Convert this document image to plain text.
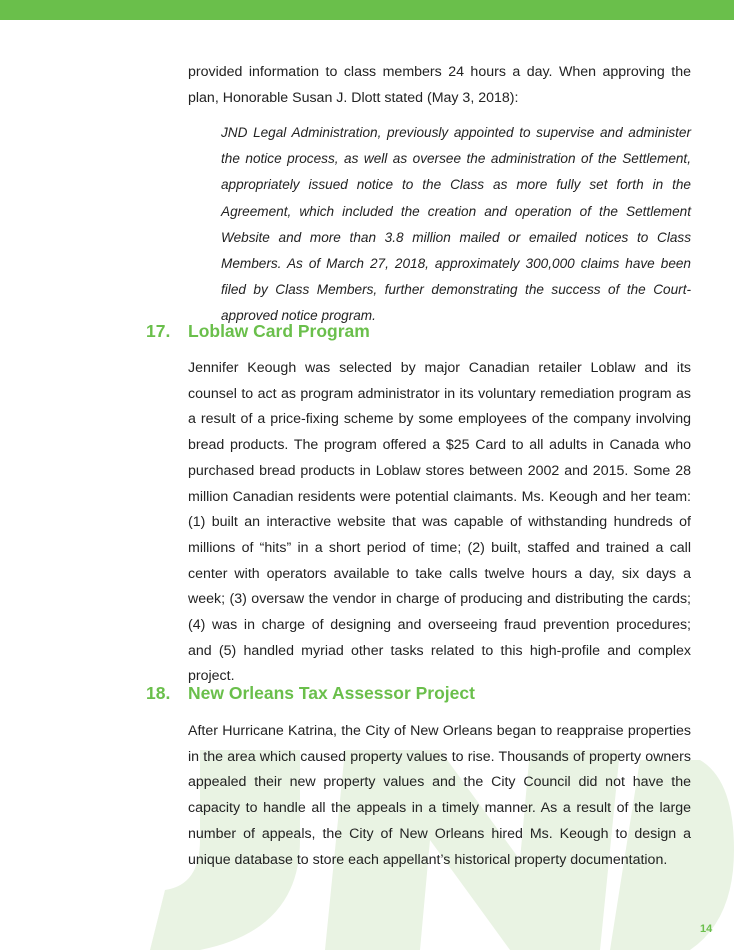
provided information to class members 24 hours a day. When approving the plan, Honorable Susan J. Dlott stated (May 3, 2018):

JND Legal Administration, previously appointed to supervise and administer the notice process, as well as oversee the administration of the Settlement, appropriately issued notice to the Class as more fully set forth in the Agreement, which included the creation and operation of the Settlement Website and more than 3.8 million mailed or emailed notices to Class Members. As of March 27, 2018, approximately 300,000 claims have been filed by Class Members, further demonstrating the success of the Court-approved notice program.

17. Loblaw Card Program

Jennifer Keough was selected by major Canadian retailer Loblaw and its counsel to act as program administrator in its voluntary remediation program as a result of a price-fixing scheme by some employees of the company involving bread products. The program offered a $25 Card to all adults in Canada who purchased bread products in Loblaw stores between 2002 and 2015. Some 28 million Canadian residents were potential claimants. Ms. Keough and her team: (1) built an interactive website that was capable of withstanding hundreds of millions of “hits” in a short period of time; (2) built, staffed and trained a call center with operators available to take calls twelve hours a day, six days a week; (3) oversaw the vendor in charge of producing and distributing the cards; (4) was in charge of designing and overseeing fraud prevention procedures; and (5) handled myriad other tasks related to this high-profile and complex project.

18. New Orleans Tax Assessor Project

After Hurricane Katrina, the City of New Orleans began to reappraise properties in the area which caused property values to rise. Thousands of property owners appealed their new property values and the City Council did not have the capacity to handle all the appeals in a timely manner. As a result of the large number of appeals, the City of New Orleans hired Ms. Keough to design a unique database to store each appellant’s historical property documentation.

14
